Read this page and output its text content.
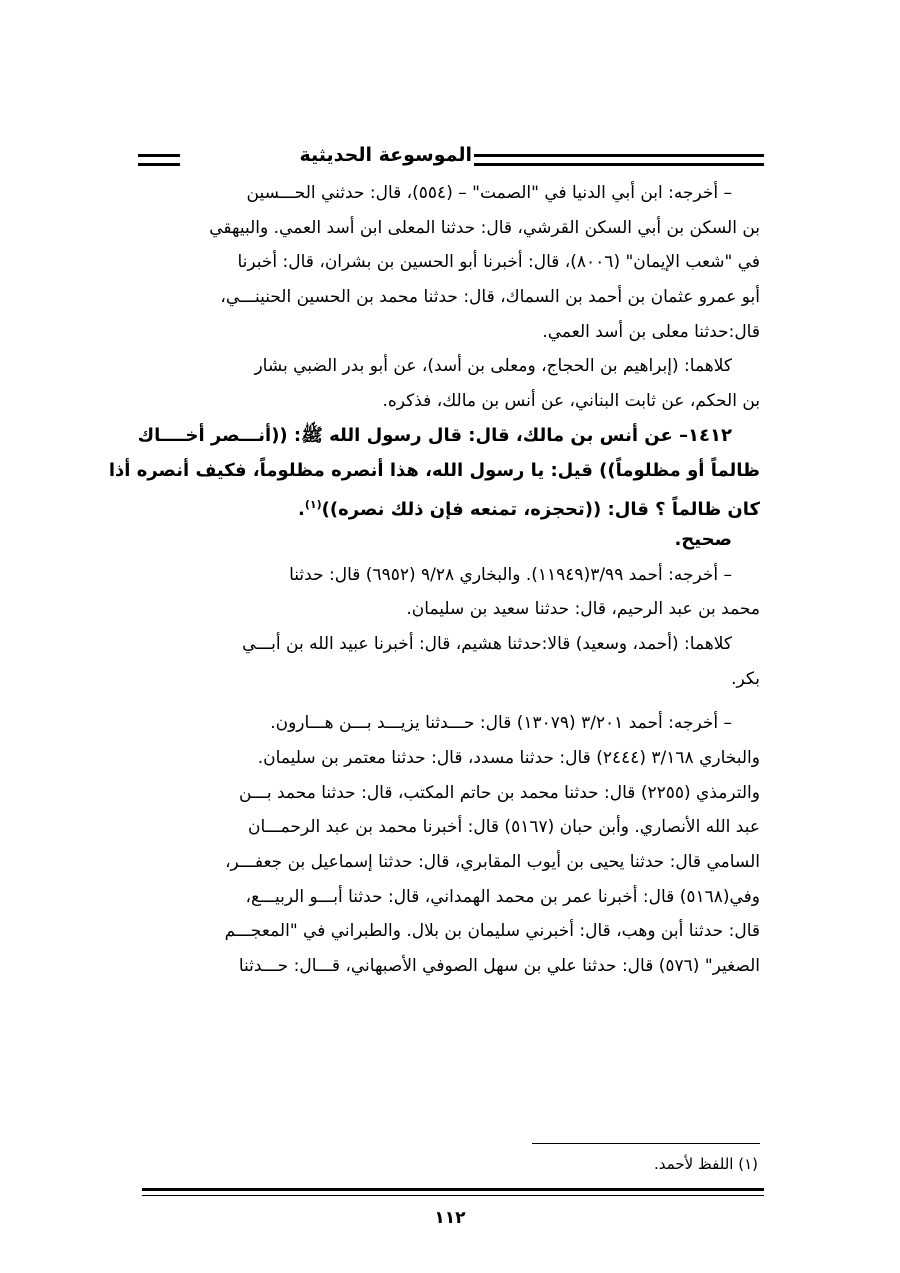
الموسوعة الحديثية
– أخرجه: ابن أبي الدنيا في "الصمت" – (٥٥٤)، قال: حدثني الحـــسين
بن السكن بن أبي السكن القرشي، قال: حدثنا المعلى ابن أسد العمي. والبيهقي
في "شعب الإيمان" (٨٠٠٦)، قال: أخبرنا أبو الحسين بن بشران، قال: أخبرنا
أبو عمرو عثمان بن أحمد بن السماك، قال: حدثنا محمد بن الحسين الحنينـــي،
قال:حدثنا معلى بن أسد العمي.
كلاهما: (إبراهيم بن الحجاج، ومعلى بن أسد)، عن أبو بدر الضبي بشار
بن الحكم، عن ثابت البناني، عن أنس بن مالك، فذكره.
١٤١٢– عن أنس بن مالك، قال: قال رسول الله ﷺ: ((أنـــصر أخــــاك
ظالماً أو مظلوماً)) قيل: يا رسول الله، هذا أنصره مظلوماً، فكيف أنصره أذا
كان ظالماً ؟ قال: ((تحجزه، تمنعه فإن ذلك نصره))$^{(١)}$.
صحيح.
– أخرجه: أحمد ٣/٩٩(١١٩٤٩). والبخاري ٩/٢٨ (٦٩٥٢) قال: حدثنا
محمد بن عبد الرحيم، قال: حدثنا سعيد بن سليمان.
كلاهما: (أحمد، وسعيد) قالا:حدثنا هشيم، قال: أخبرنا عبيد الله بن أبـــي
بكر.
– أخرجه: أحمد ٣/٢٠١ (١٣٠٧٩) قال: حـــدثنا يزيـــد بـــن هـــارون.
والبخاري ٣/١٦٨ (٢٤٤٤) قال: حدثنا مسدد، قال: حدثنا معتمر بن سليمان.
والترمذي (٢٢٥٥) قال: حدثنا محمد بن حاتم المكتب، قال: حدثنا محمد بـــن
عبد الله الأنصاري. وأبن حبان (٥١٦٧) قال: أخبرنا محمد بن عبد الرحمـــان
السامي قال: حدثنا يحيى بن أيوب المقابري، قال: حدثنا إسماعيل بن جعفـــر،
وفي(٥١٦٨) قال: أخبرنا عمر بن محمد الهمداني، قال: حدثنا أبـــو الربيـــع،
قال: حدثنا أبن وهب، قال: أخبرني سليمان بن بلال. والطبراني في "المعجـــم
الصغير" (٥٧٦) قال: حدثنا علي بن سهل الصوفي الأصبهاني، قـــال: حـــدثنا
(١) اللفظ لأحمد.
١١٢
